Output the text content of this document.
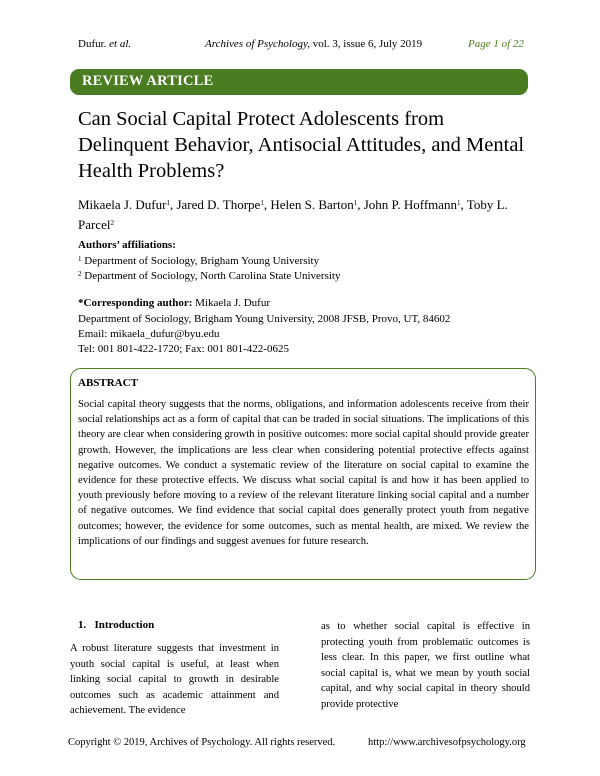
Dufur. et al.	Archives of Psychology, vol. 3, issue 6, July 2019	Page 1 of 22
REVIEW ARTICLE
Can Social Capital Protect Adolescents from Delinquent Behavior, Antisocial Attitudes, and Mental Health Problems?
Mikaela J. Dufur$^1$, Jared D. Thorpe$^1$, Helen S. Barton$^1$, John P. Hoffmann$^1$, Toby L. Parcel$^2$
Authors’ affiliations:
$^1$ Department of Sociology, Brigham Young University
$^2$ Department of Sociology, North Carolina State University
*Corresponding author: Mikaela J. Dufur
Department of Sociology, Brigham Young University, 2008 JFSB, Provo, UT, 84602
Email: mikaela_dufur@byu.edu
Tel: 001 801-422-1720; Fax: 001 801-422-0625
ABSTRACT
Social capital theory suggests that the norms, obligations, and information adolescents receive from their social relationships act as a form of capital that can be traded in social situations. The implications of this theory are clear when considering growth in positive outcomes: more social capital should provide greater growth. However, the implications are less clear when considering potential protective effects against negative outcomes. We conduct a systematic review of the literature on social capital to examine the evidence for these protective effects. We discuss what social capital is and how it has been applied to youth previously before moving to a review of the relevant literature linking social capital and a number of negative outcomes. We find evidence that social capital does generally protect youth from negative outcomes; however, the evidence for some outcomes, such as mental health, are mixed. We review the implications of our findings and suggest avenues for future research.
1.   Introduction
A robust literature suggests that investment in youth social capital is useful, at least when linking social capital to growth in desirable outcomes such as academic attainment and achievement. The evidence
as to whether social capital is effective in protecting youth from problematic outcomes is less clear. In this paper, we first outline what social capital is, what we mean by youth social capital, and why social capital in theory should provide protective
Copyright © 2019, Archives of Psychology. All rights reserved.	http://www.archivesofpsychology.org
